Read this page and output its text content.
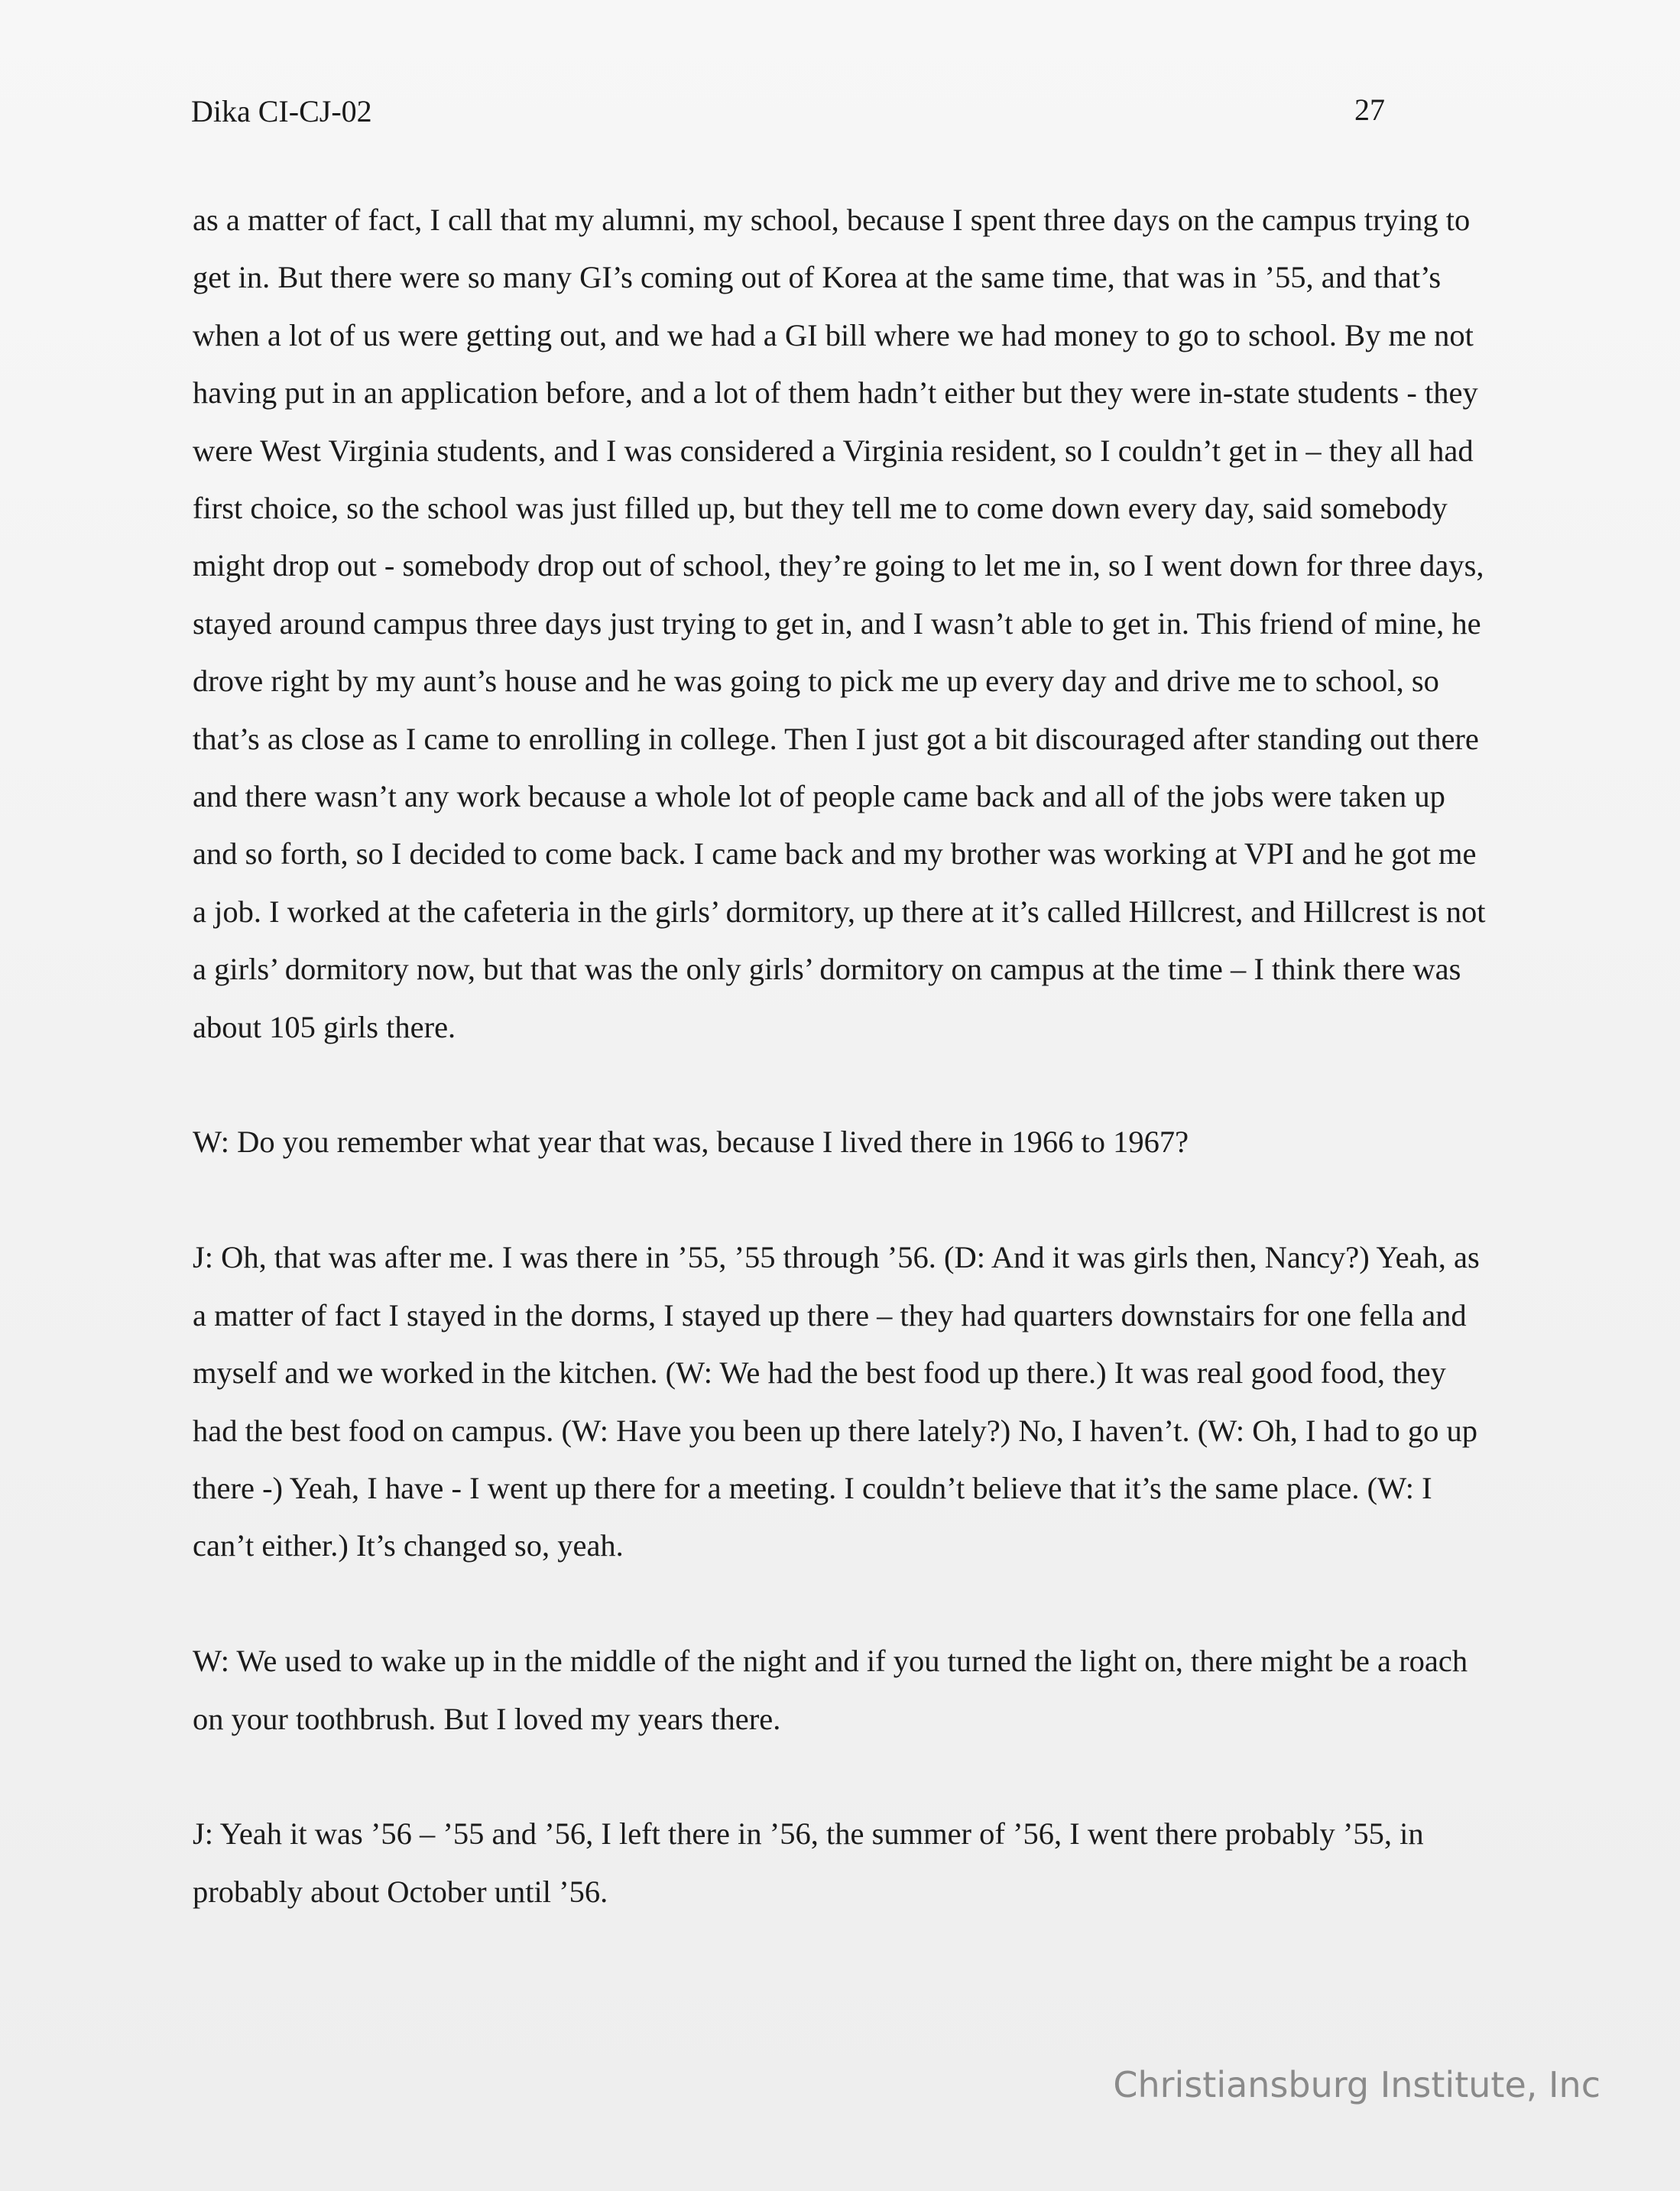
Dika CI-CJ-02	27

as a matter of fact, I call that my alumni, my school, because I spent three days on the campus trying to get in. But there were so many GI’s coming out of Korea at the same time, that was in ’55, and that’s when a lot of us were getting out, and we had a GI bill where we had money to go to school. By me not having put in an application before, and a lot of them hadn’t either but they were in-state students - they were West Virginia students, and I was considered a Virginia resident, so I couldn’t get in – they all had first choice, so the school was just filled up, but they tell me to come down every day, said somebody might drop out - somebody drop out of school, they’re going to let me in, so I went down for three days, stayed around campus three days just trying to get in, and I wasn’t able to get in. This friend of mine, he drove right by my aunt’s house and he was going to pick me up every day and drive me to school, so that’s as close as I came to enrolling in college. Then I just got a bit discouraged after standing out there and there wasn’t any work because a whole lot of people came back and all of the jobs were taken up and so forth, so I decided to come back. I came back and my brother was working at VPI and he got me a job. I worked at the cafeteria in the girls’ dormitory, up there at it’s called Hillcrest, and Hillcrest is not a girls’ dormitory now, but that was the only girls’ dormitory on campus at the time – I think there was about 105 girls there.

W: Do you remember what year that was, because I lived there in 1966 to 1967?

J: Oh, that was after me. I was there in ’55, ’55 through ’56. (D: And it was girls then, Nancy?) Yeah, as a matter of fact I stayed in the dorms, I stayed up there – they had quarters downstairs for one fella and myself and we worked in the kitchen. (W: We had the best food up there.) It was real good food, they had the best food on campus. (W: Have you been up there lately?) No, I haven’t. (W: Oh, I had to go up there -) Yeah, I have - I went up there for a meeting. I couldn’t believe that it’s the same place. (W: I can’t either.) It’s changed so, yeah.

W: We used to wake up in the middle of the night and if you turned the light on, there might be a roach on your toothbrush. But I loved my years there.

J: Yeah it was ’56 – ’55 and ’56, I left there in ’56, the summer of ’56, I went there probably ’55, in probably about October until ’56.

Christiansburg Institute, Inc
